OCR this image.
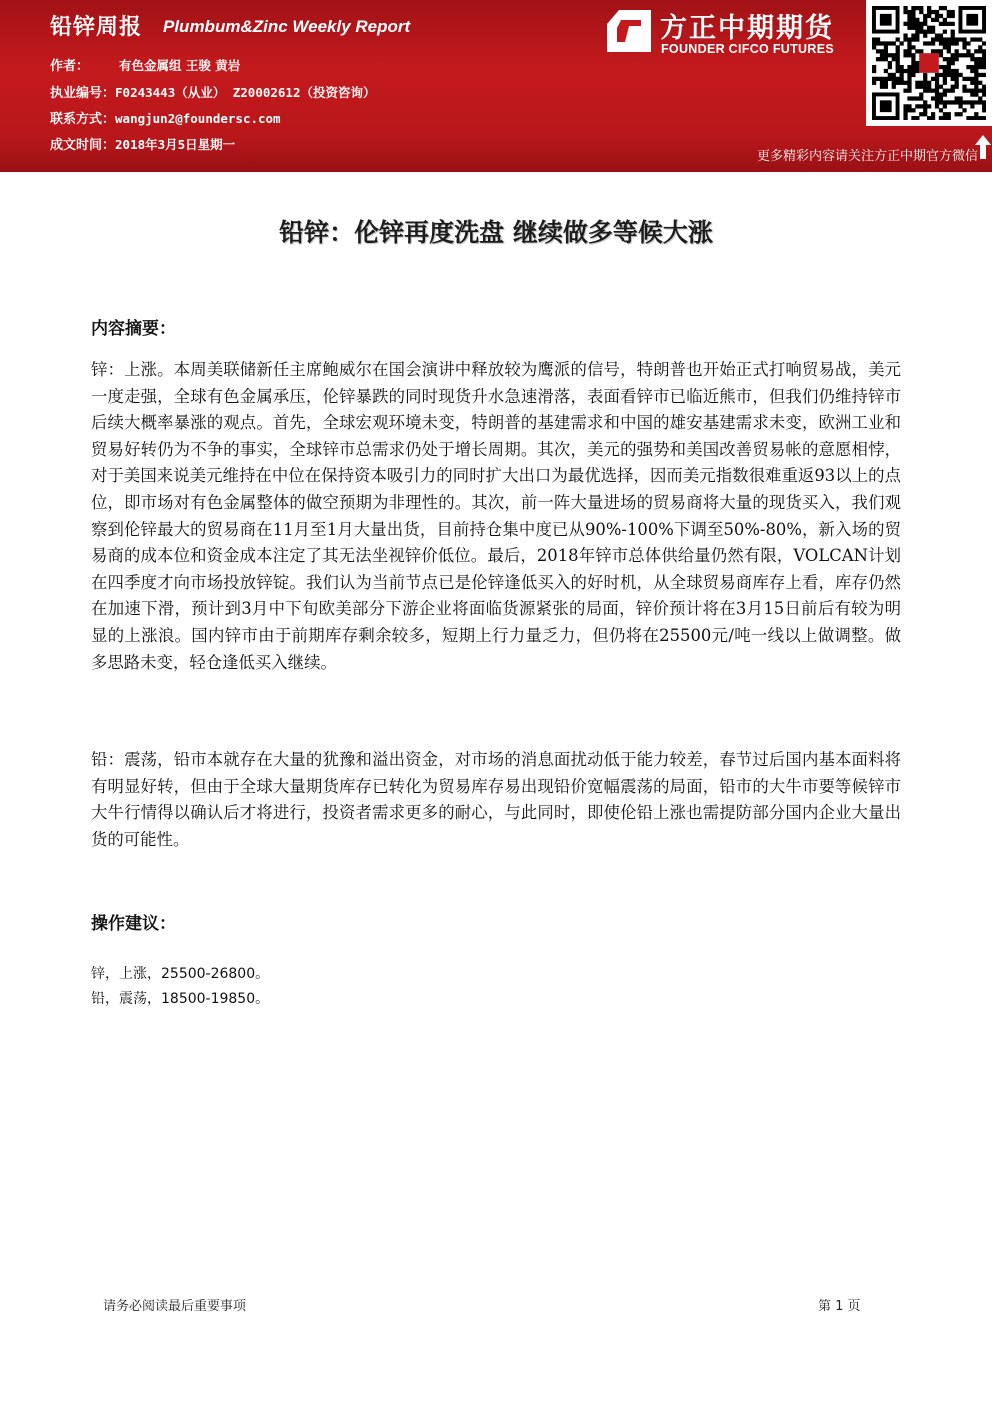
铅锌周报 Plumbum&Zinc Weekly Report
作者： 有色金属组 王骏 黄岩
执业编号：F0243443（从业） Z20002612（投资咨询）
联系方式：wangjun2@foundersc.com
成文时间：2018年3月5日星期一
方正中期期货
FOUNDER CIFCO FUTURES
更多精彩内容请关注方正中期官方微信
铅锌：伦锌再度洗盘 继续做多等候大涨
内容摘要：
锌：上涨。本周美联储新任主席鲍威尔在国会演讲中释放较为鹰派的信号，特朗普也开始正式打响贸易战，美元一度走强，全球有色金属承压，伦锌暴跌的同时现货升水急速滑落，表面看锌市已临近熊市，但我们仍维持锌市后续大概率暴涨的观点。首先，全球宏观环境未变，特朗普的基建需求和中国的雄安基建需求未变，欧洲工业和贸易好转仍为不争的事实，全球锌市总需求仍处于增长周期。其次，美元的强势和美国改善贸易帐的意愿相悖，对于美国来说美元维持在中位在保持资本吸引力的同时扩大出口为最优选择，因而美元指数很难重返93以上的点位，即市场对有色金属整体的做空预期为非理性的。其次，前一阵大量进场的贸易商将大量的现货买入，我们观察到伦锌最大的贸易商在11月至1月大量出货，目前持仓集中度已从90%-100%下调至50%-80%，新入场的贸易商的成本位和资金成本注定了其无法坐视锌价低位。最后，2018年锌市总体供给量仍然有限，VOLCAN计划在四季度才向市场投放锌锭。我们认为当前节点已是伦锌逢低买入的好时机，从全球贸易商库存上看，库存仍然在加速下滑，预计到3月中下旬欧美部分下游企业将面临货源紧张的局面，锌价预计将在3月15日前后有较为明显的上涨浪。国内锌市由于前期库存剩余较多，短期上行力量乏力，但仍将在25500元/吨一线以上做调整。做多思路未变，轻仓逢低买入继续。
铅：震荡，铅市本就存在大量的犹豫和溢出资金，对市场的消息面扰动低于能力较差，春节过后国内基本面料将有明显好转，但由于全球大量期货库存已转化为贸易库存易出现铅价宽幅震荡的局面，铅市的大牛市要等候锌市大牛行情得以确认后才将进行，投资者需求更多的耐心，与此同时，即使伦铅上涨也需提防部分国内企业大量出货的可能性。
操作建议：
锌，上涨，25500-26800。
铅，震荡，18500-19850。
请务必阅读最后重要事项	第 1 页
